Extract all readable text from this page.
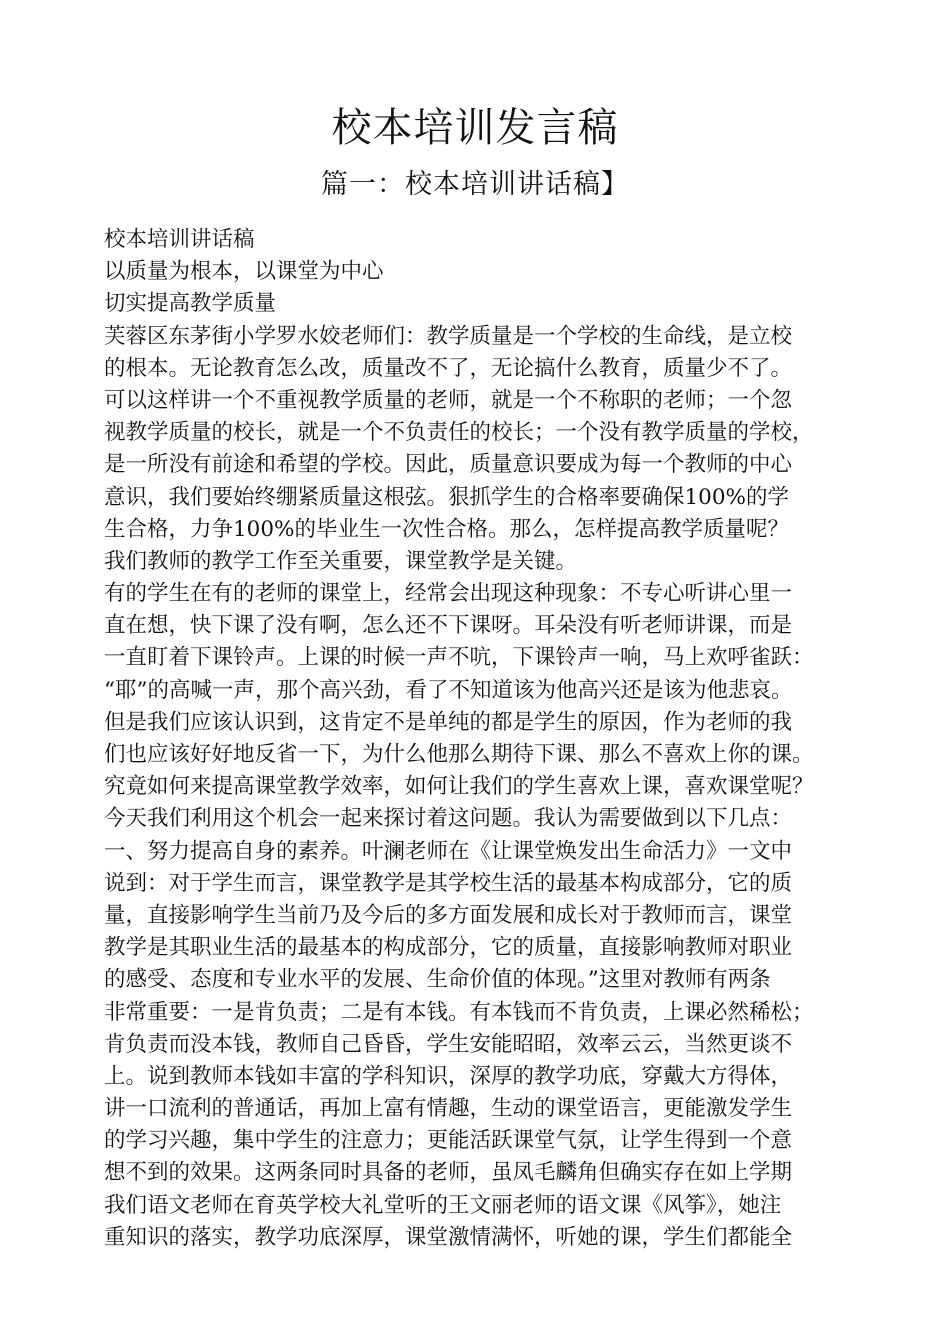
校本培训发言稿
篇一：校本培训讲话稿】
校本培训讲话稿
以质量为根本，以课堂为中心
切实提高教学质量
芙蓉区东茅街小学罗水姣老师们：教学质量是一个学校的生命线，是立校
的根本。无论教育怎么改，质量改不了，无论搞什么教育，质量少不了。
可以这样讲一个不重视教学质量的老师，就是一个不称职的老师；一个忽
视教学质量的校长，就是一个不负责任的校长；一个没有教学质量的学校，
是一所没有前途和希望的学校。因此，质量意识要成为每一个教师的中心
意识，我们要始终绷紧质量这根弦。狠抓学生的合格率要确保100%的学
生合格，力争100%的毕业生一次性合格。那么，怎样提高教学质量呢？
我们教师的教学工作至关重要，课堂教学是关键。
有的学生在有的老师的课堂上，经常会出现这种现象：不专心听讲心里一
直在想，快下课了没有啊，怎么还不下课呀。耳朵没有听老师讲课，而是
一直盯着下课铃声。上课的时候一声不吭，下课铃声一响，马上欢呼雀跃：
“耶”的高喊一声，那个高兴劲，看了不知道该为他高兴还是该为他悲哀。
但是我们应该认识到，这肯定不是单纯的都是学生的原因，作为老师的我
们也应该好好地反省一下，为什么他那么期待下课、那么不喜欢上你的课。
究竟如何来提高课堂教学效率，如何让我们的学生喜欢上课，喜欢课堂呢？
今天我们利用这个机会一起来探讨着这问题。我认为需要做到以下几点：
一、努力提高自身的素养。叶澜老师在《让课堂焕发出生命活力》一文中
说到：对于学生而言，课堂教学是其学校生活的最基本构成部分，它的质
量，直接影响学生当前乃及今后的多方面发展和成长对于教师而言，课堂
教学是其职业生活的最基本的构成部分，它的质量，直接影响教师对职业
的感受、态度和专业水平的发展、生命价值的体现。”这里对教师有两条
非常重要：一是肯负责；二是有本钱。有本钱而不肯负责，上课必然稀松；
肯负责而没本钱，教师自己昏昏，学生安能昭昭，效率云云，当然更谈不
上。说到教师本钱如丰富的学科知识，深厚的教学功底，穿戴大方得体，
讲一口流利的普通话，再加上富有情趣，生动的课堂语言，更能激发学生
的学习兴趣，集中学生的注意力；更能活跃课堂气氛，让学生得到一个意
想不到的效果。这两条同时具备的老师，虽凤毛麟角但确实存在如上学期
我们语文老师在育英学校大礼堂听的王文丽老师的语文课《风筝》，她注
重知识的落实，教学功底深厚，课堂激情满怀，听她的课，学生们都能全
